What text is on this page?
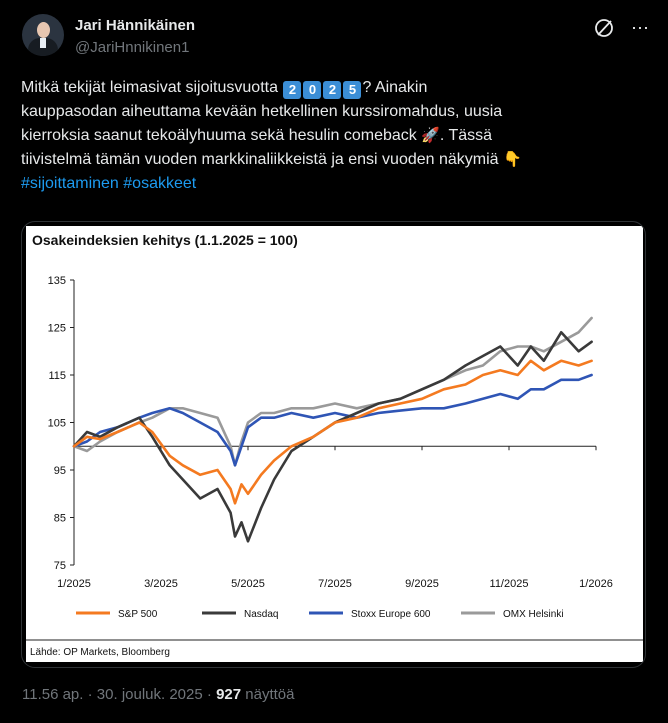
Jari Hännikäinen
@JariHnnikinen1
⋯
Mitkä tekijät leimasivat sijoitusvuotta 2 0 2 5 ? Ainakin
kauppasodan aiheuttama kevään hetkellinen kurssiromahdus, uusia
kierroksia saanut tekoälyhuuma sekä hesulin comeback 🚀. Tässä
tiivistelmä tämän vuoden markkinaliikkeistä ja ensi vuoden näkymiä 👇
#sijoittaminen #osakkeet
Osakeindeksien kehitys (1.1.2025 = 100)
75
85
95
105
115
125
135
1/2025	3/2025	5/2025	7/2025	9/2025	11/2025	1/2026
S&P 500	Nasdaq	Stoxx Europe 600	OMX Helsinki
Lähde: OP Markets, Bloomberg
11.56 ap. · 30. jouluk. 2025 · 927 näyttöä
